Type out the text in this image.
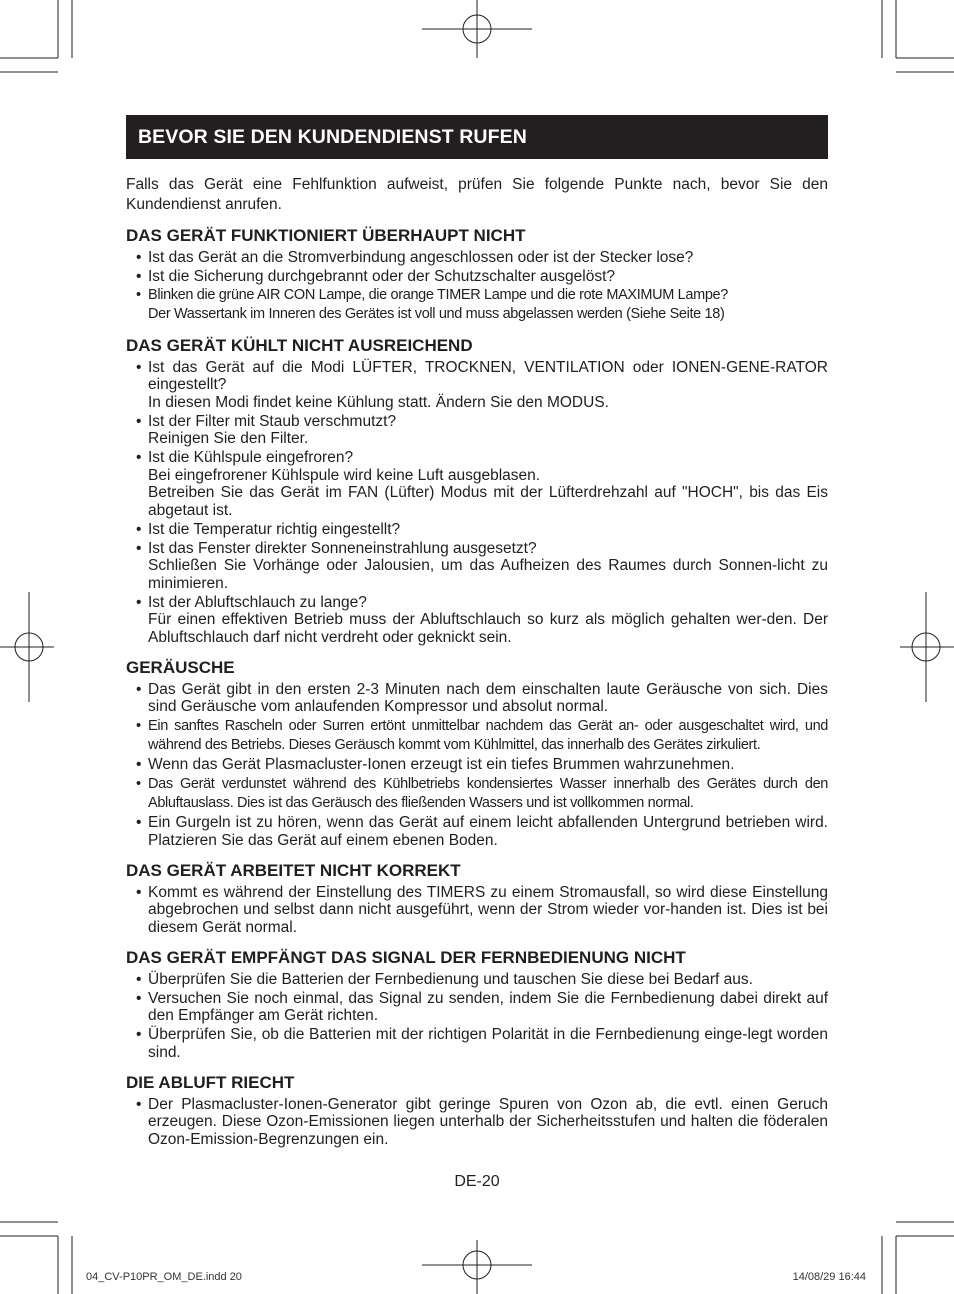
BEVOR SIE DEN KUNDENDIENST RUFEN

Falls das Gerät eine Fehlfunktion aufweist, prüfen Sie folgende Punkte nach, bevor Sie den Kundendienst anrufen.

DAS GERÄT FUNKTIONIERT ÜBERHAUPT NICHT
• Ist das Gerät an die Stromverbindung angeschlossen oder ist der Stecker lose?
• Ist die Sicherung durchgebrannt oder der Schutzschalter ausgelöst?
• Blinken die grüne AIR CON Lampe, die orange TIMER Lampe und die rote MAXIMUM Lampe?
Der Wassertank im Inneren des Gerätes ist voll und muss abgelassen werden (Siehe Seite 18)
DAS GERÄT KÜHLT NICHT AUSREICHEND
• Ist das Gerät auf die Modi LÜFTER, TROCKNEN, VENTILATION oder IONEN-GENE-RATOR eingestellt?
In diesen Modi findet keine Kühlung statt. Ändern Sie den MODUS.
• Ist der Filter mit Staub verschmutzt?
Reinigen Sie den Filter.
• Ist die Kühlspule eingefroren?
Bei eingefrorener Kühlspule wird keine Luft ausgeblasen.
Betreiben Sie das Gerät im FAN (Lüfter) Modus mit der Lüfterdrehzahl auf "HOCH", bis das Eis abgetaut ist.
• Ist die Temperatur richtig eingestellt?
• Ist das Fenster direkter Sonneneinstrahlung ausgesetzt?
Schließen Sie Vorhänge oder Jalousien, um das Aufheizen des Raumes durch Sonnen-licht zu minimieren.
• Ist der Abluftschlauch zu lange?
Für einen effektiven Betrieb muss der Abluftschlauch so kurz als möglich gehalten wer-den. Der Abluftschlauch darf nicht verdreht oder geknickt sein.
GERÄUSCHE
• Das Gerät gibt in den ersten 2-3 Minuten nach dem einschalten laute Geräusche von sich. Dies sind Geräusche vom anlaufenden Kompressor und absolut normal.
• Ein sanftes Rascheln oder Surren ertönt unmittelbar nachdem das Gerät an- oder ausgeschaltet wird, und während des Betriebs. Dieses Geräusch kommt vom Kühlmittel, das innerhalb des Gerätes zirkuliert.
• Wenn das Gerät Plasmacluster-Ionen erzeugt ist ein tiefes Brummen wahrzunehmen.
• Das Gerät verdunstet während des Kühlbetriebs kondensiertes Wasser innerhalb des Gerätes durch den Abluftauslass. Dies ist das Geräusch des fließenden Wassers und ist vollkommen normal.
• Ein Gurgeln ist zu hören, wenn das Gerät auf einem leicht abfallenden Untergrund betrieben wird. Platzieren Sie das Gerät auf einem ebenen Boden.
DAS GERÄT ARBEITET NICHT KORREKT
• Kommt es während der Einstellung des TIMERS zu einem Stromausfall, so wird diese Einstellung abgebrochen und selbst dann nicht ausgeführt, wenn der Strom wieder vor-handen ist. Dies ist bei diesem Gerät normal.
DAS GERÄT EMPFÄNGT DAS SIGNAL DER FERNBEDIENUNG NICHT
• Überprüfen Sie die Batterien der Fernbedienung und tauschen Sie diese bei Bedarf aus.
• Versuchen Sie noch einmal, das Signal zu senden, indem Sie die Fernbedienung dabei direkt auf den Empfänger am Gerät richten.
• Überprüfen Sie, ob die Batterien mit der richtigen Polarität in die Fernbedienung einge-legt worden sind.
DIE ABLUFT RIECHT
• Der Plasmacluster-Ionen-Generator gibt geringe Spuren von Ozon ab, die evtl. einen Geruch erzeugen. Diese Ozon-Emissionen liegen unterhalb der Sicherheitsstufen und halten die föderalen Ozon-Emission-Begrenzungen ein.
DE-20
04_CV-P10PR_OM_DE.indd 20	14/08/29 16:44
